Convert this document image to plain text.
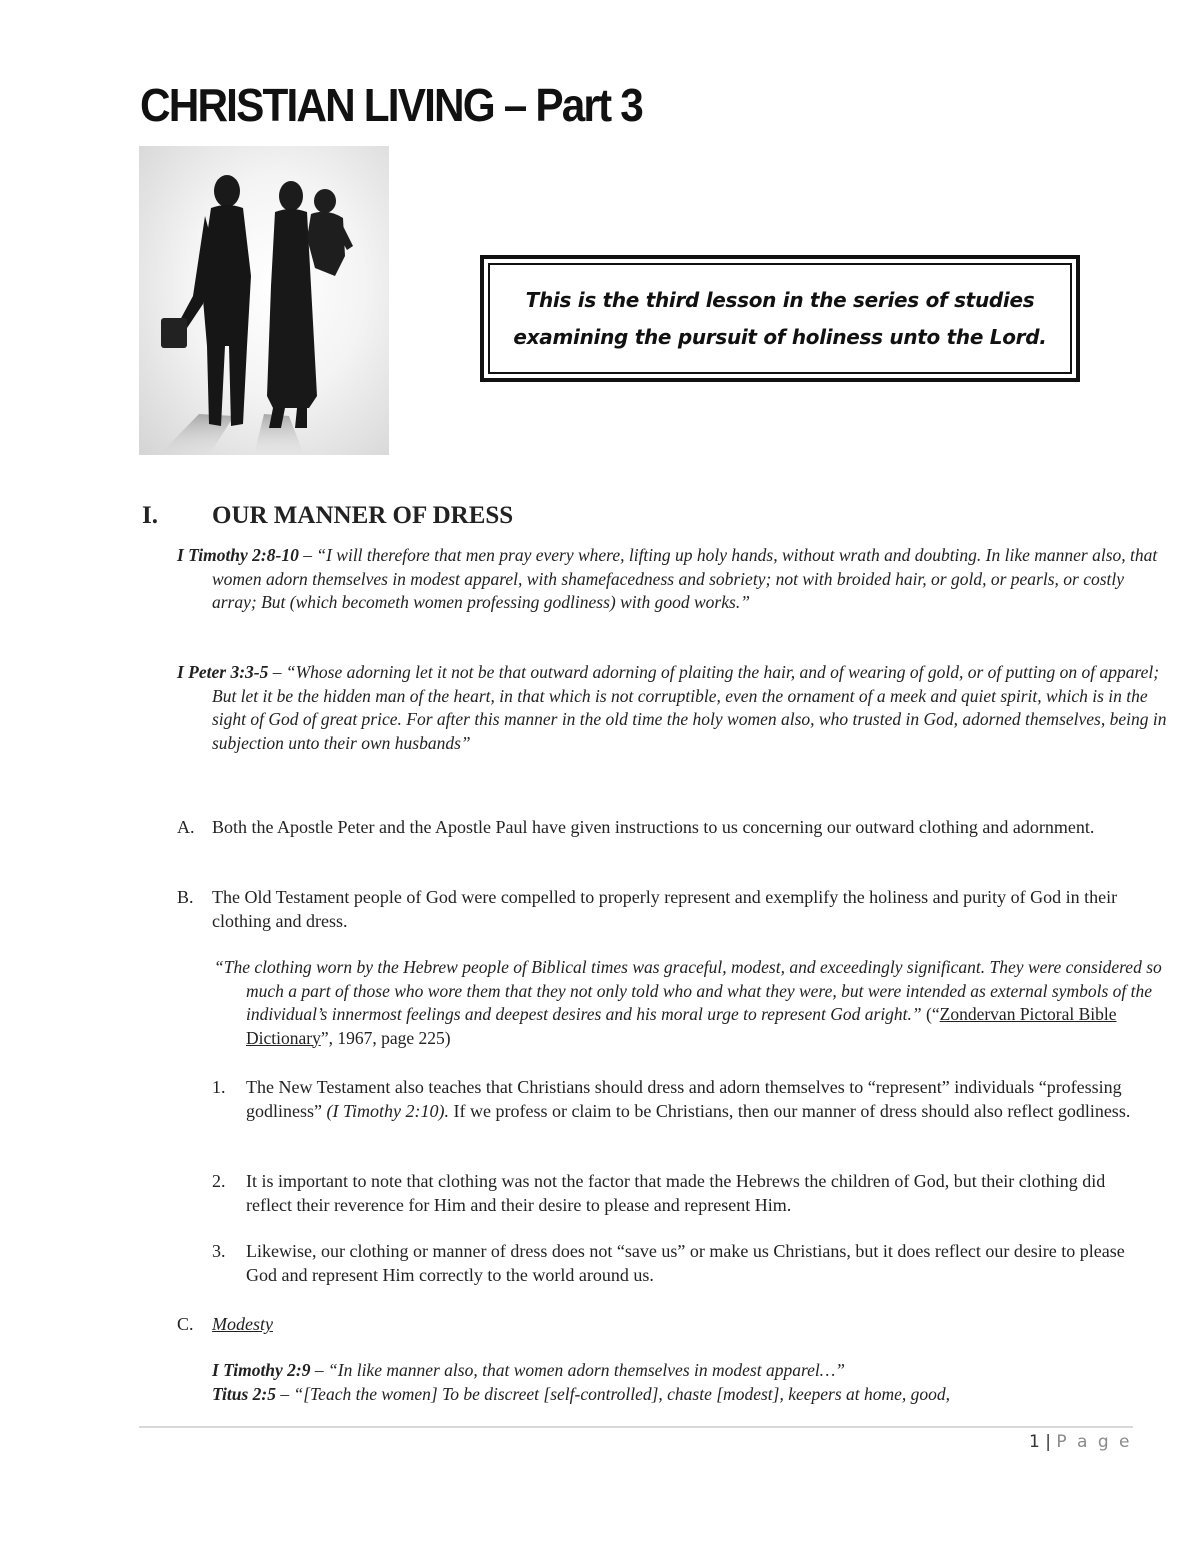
CHRISTIAN LIVING – Part 3
This is the third lesson in the series of studies
examining the pursuit of holiness unto the Lord.
I. OUR MANNER OF DRESS

I Timothy 2:8-10 – “I will therefore that men pray every where, lifting up holy hands, without wrath and doubting. In like manner also, that women adorn themselves in modest apparel, with shamefacedness and sobriety; not with broided hair, or gold, or pearls, or costly array; But (which becometh women professing godliness) with good works.”

I Peter 3:3-5 – “Whose adorning let it not be that outward adorning of plaiting the hair, and of wearing of gold, or of putting on of apparel; But let it be the hidden man of the heart, in that which is not corruptible, even the ornament of a meek and quiet spirit, which is in the sight of God of great price. For after this manner in the old time the holy women also, who trusted in God, adorned themselves, being in subjection unto their own husbands”

A. Both the Apostle Peter and the Apostle Paul have given instructions to us concerning our outward clothing and adornment.
B.	The Old Testament people of God were compelled to properly represent and exemplify the holiness and purity of God in their clothing and dress.

“The clothing worn by the Hebrew people of Biblical times was graceful, modest, and exceedingly significant. They were considered so much a part of those who wore them that they not only told who and what they were, but were intended as external symbols of the individual’s innermost feelings and deepest desires and his moral urge to represent God aright.” (“Zondervan Pictoral Bible Dictionary”, 1967, page 225)

1.	The New Testament also teaches that Christians should dress and adorn themselves to “represent” individuals “professing godliness” (I Timothy 2:10). If we profess or claim to be Christians, then our manner of dress should also reflect godliness.
2.	It is important to note that clothing was not the factor that made the Hebrews the children of God, but their clothing did reflect their reverence for Him and their desire to please and represent Him.
3.	Likewise, our clothing or manner of dress does not “save us” or make us Christians, but it does reflect our desire to please God and represent Him correctly to the world around us.
C. Modesty

I Timothy 2:9 – “In like manner also, that women adorn themselves in modest apparel…”

Titus 2:5 – “[Teach the women] To be discreet [self-controlled], chaste [modest], keepers at home, good,

1 | P a g e
